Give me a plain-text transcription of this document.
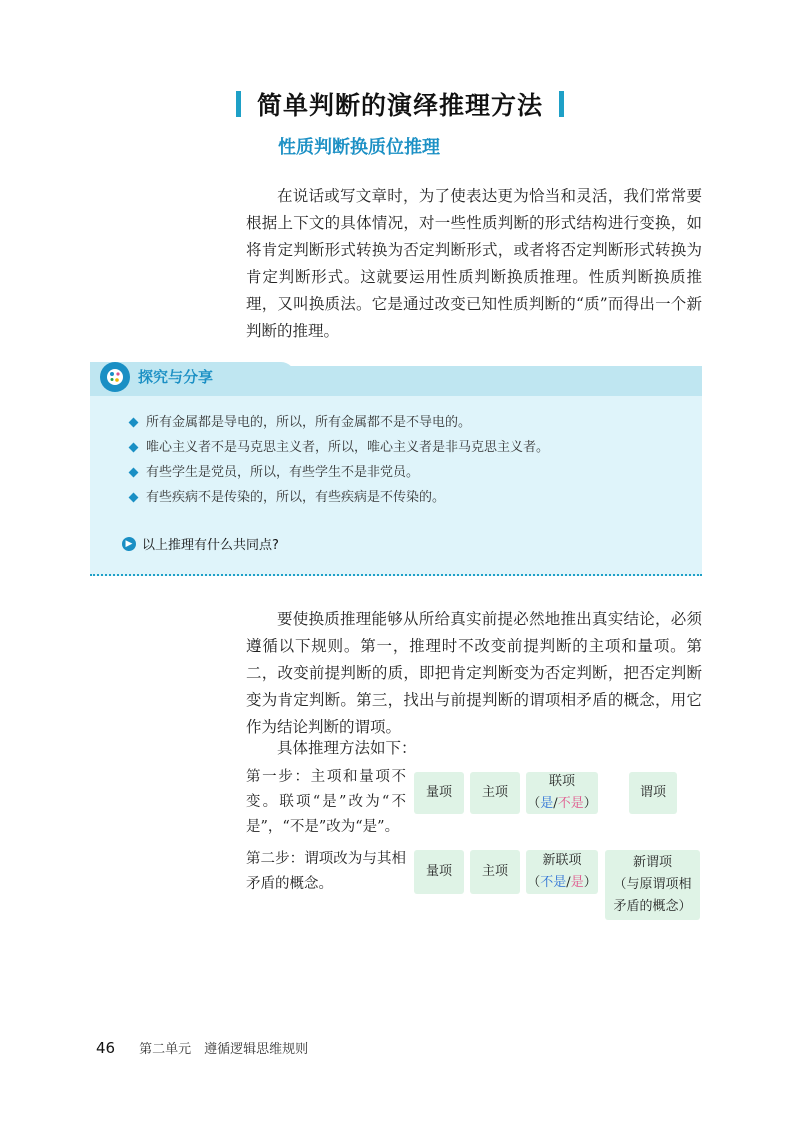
简单判断的演绎推理方法
性质判断换质位推理
在说话或写文章时，为了使表达更为恰当和灵活，我们常常要根据上下文的具体情况，对一些性质判断的形式结构进行变换，如将肯定判断形式转换为否定判断形式，或者将否定判断形式转换为肯定判断形式。这就要运用性质判断换质推理。性质判断换质推理，又叫换质法。它是通过改变已知性质判断的“质”而得出一个新判断的推理。
探究与分享
所有金属都是导电的，所以，所有金属都不是不导电的。
唯心主义者不是马克思主义者，所以，唯心主义者是非马克思主义者。
有些学生是党员，所以，有些学生不是非党员。
有些疾病不是传染的，所以，有些疾病是不传染的。
▶ 以上推理有什么共同点?
要使换质推理能够从所给真实前提必然地推出真实结论，必须遵循以下规则。第一，推理时不改变前提判断的主项和量项。第二，改变前提判断的质，即把肯定判断变为否定判断，把否定判断变为肯定判断。第三，找出与前提判断的谓项相矛盾的概念，用它作为结论判断的谓项。
具体推理方法如下：
第一步：主项和量项不变。联项“是”改为“不是”，“不是”改为“是”。
量项 主项
联项
（是/不是）
谓项
第二步：谓项改为与其相矛盾的概念。
量项 主项
新联项
（不是/是）
新谓项
（与原谓项相
矛盾的概念）
46 第二单元　遵循逻辑思维规则
